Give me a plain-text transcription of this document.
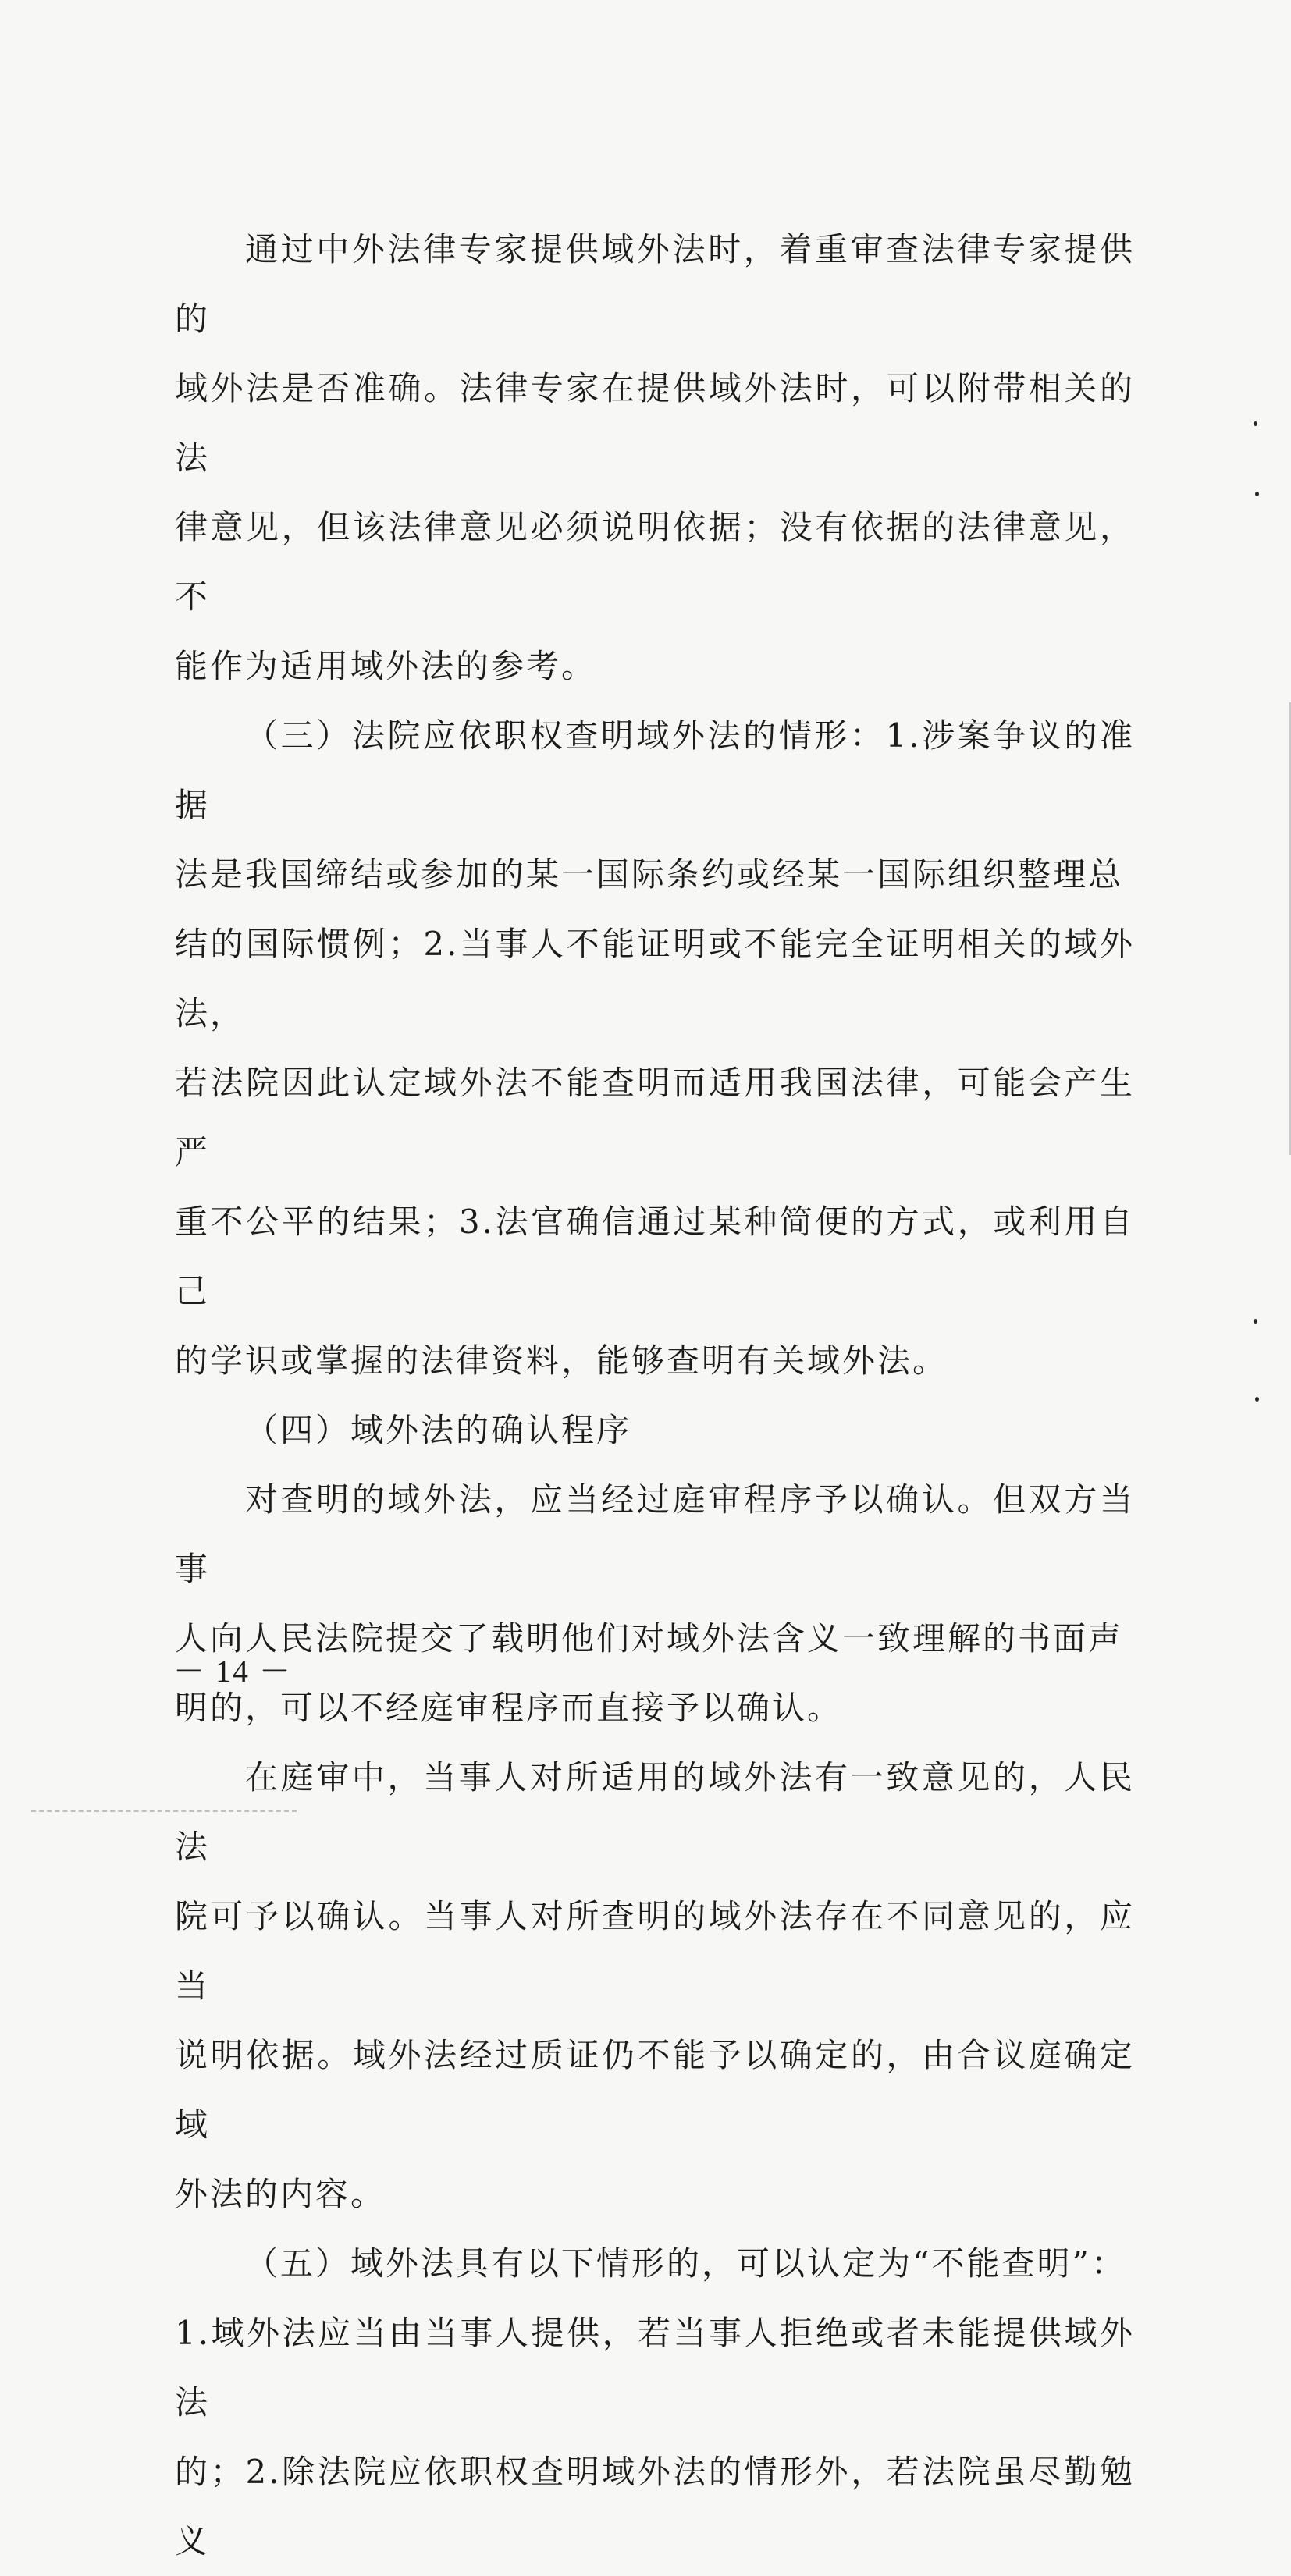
通过中外法律专家提供域外法时，着重审查法律专家提供的
域外法是否准确。法律专家在提供域外法时，可以附带相关的法
律意见，但该法律意见必须说明依据；没有依据的法律意见，不
能作为适用域外法的参考。

（三）法院应依职权查明域外法的情形：1.涉案争议的准据
法是我国缔结或参加的某一国际条约或经某一国际组织整理总
结的国际惯例；2.当事人不能证明或不能完全证明相关的域外法，
若法院因此认定域外法不能查明而适用我国法律，可能会产生严
重不公平的结果；3.法官确信通过某种简便的方式，或利用自己
的学识或掌握的法律资料，能够查明有关域外法。

（四）域外法的确认程序

对查明的域外法，应当经过庭审程序予以确认。但双方当事
人向人民法院提交了载明他们对域外法含义一致理解的书面声
明的，可以不经庭审程序而直接予以确认。

在庭审中，当事人对所适用的域外法有一致意见的，人民法
院可予以确认。当事人对所查明的域外法存在不同意见的，应当
说明依据。域外法经过质证仍不能予以确定的，由合议庭确定域
外法的内容。

（五）域外法具有以下情形的，可以认定为“不能查明”：
1.域外法应当由当事人提供，若当事人拒绝或者未能提供域外法
的；2.除法院应依职权查明域外法的情形外，若法院虽尽勤勉义

－ 14 －
